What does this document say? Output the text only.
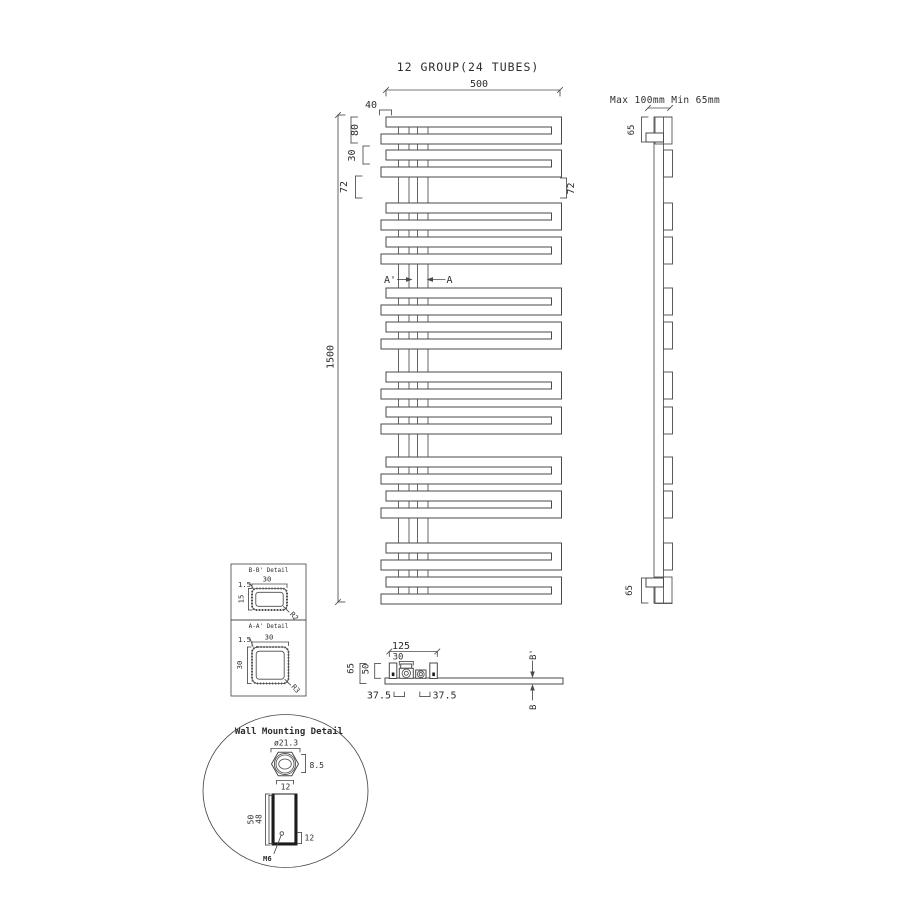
12 GROUP(24 TUBES)
500
40
80
30
72
1500
72
A'	A
Max 100mm Min 65mm
65
65
125
30
65 50
37.5	37.5
B'
B
B-B' Detail
30
1.5
15
R2
A-A' Detail
30
1.5
30
R3
Wall Mounting Detail
ø21.3
8.5
12
50 48
12
M6
